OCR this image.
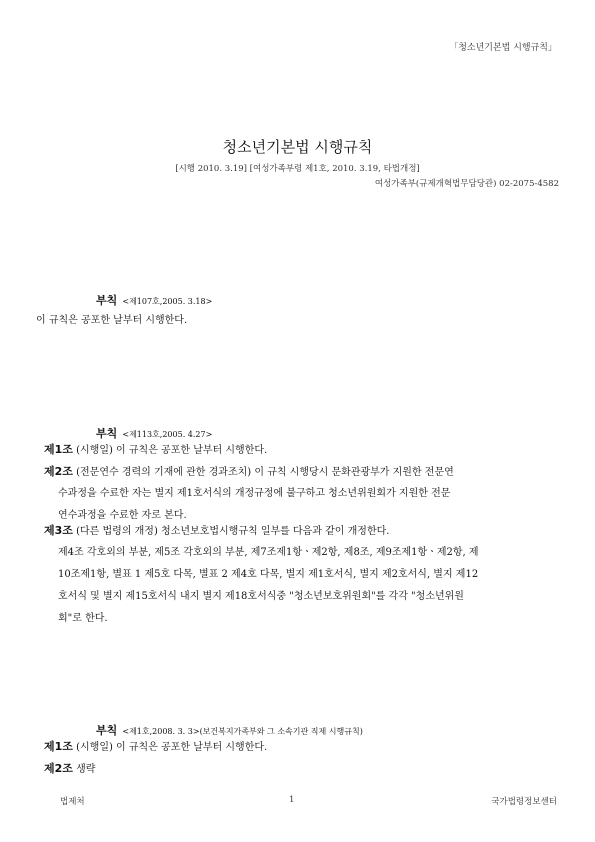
「청소년기본법 시행규칙」
청소년기본법 시행규칙
[시행 2010. 3.19] [여성가족부령 제1호, 2010. 3.19, 타법개정]
여성가족부(규제개혁법무담당관) 02-2075-4582
부칙 <제107호,2005. 3.18>
이 규칙은 공포한 날부터 시행한다.
부칙 <제113호,2005. 4.27>
제1조 (시행일) 이 규칙은 공포한 날부터 시행한다.
제2조 (전문연수 경력의 기재에 관한 경과조치) 이 규칙 시행당시 문화관광부가 지원한 전문연
수과정을 수료한 자는 별지 제1호서식의 개정규정에 불구하고 청소년위원회가 지원한 전문
연수과정을 수료한 자로 본다.
제3조 (다른 법령의 개정) 청소년보호법시행규칙 일부를 다음과 같이 개정한다.
제4조 각호외의 부분, 제5조 각호외의 부분, 제7조제1항ㆍ제2항, 제8조, 제9조제1항ㆍ제2항, 제
10조제1항, 별표 1 제5호 다목, 별표 2 제4호 다목, 별지 제1호서식, 별지 제2호서식, 별지 제12
호서식 및 별지 제15호서식 내지 별지 제18호서식중 "청소년보호위원회"를 각각 "청소년위원
회"로 한다.
부칙 <제1호,2008. 3. 3>(보건복지가족부와 그 소속기관 직제 시행규칙)
제1조 (시행일) 이 규칙은 공포한 날부터 시행한다.
제2조 생략
법제처	1	국가법령정보센터
